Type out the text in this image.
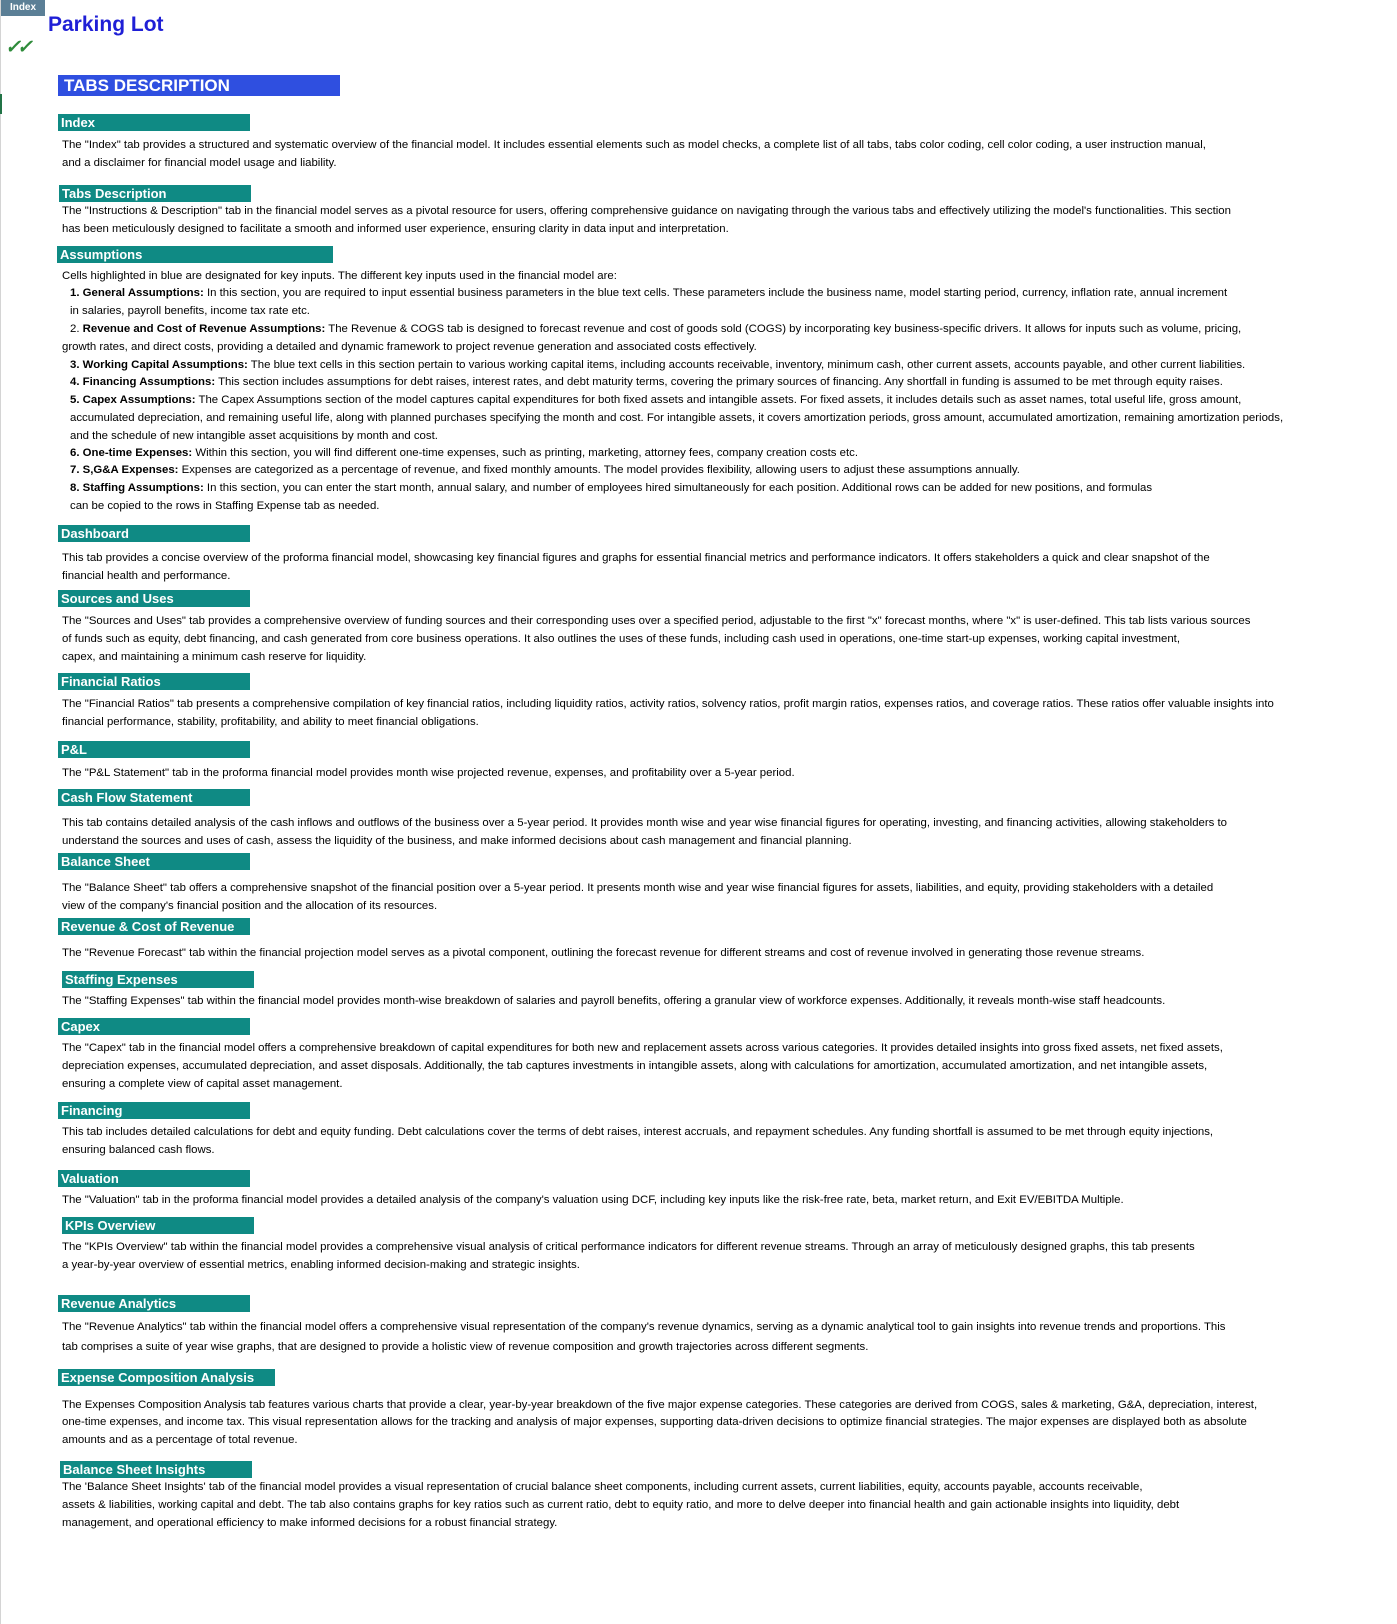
Index
✓✓
Parking Lot
TABS DESCRIPTION
Index
The "Index" tab provides a structured and systematic overview of the financial model. It includes essential elements such as model checks, a complete list of all tabs, tabs color coding, cell color coding, a user instruction manual,
and a disclaimer for financial model usage and liability.
Tabs Description
The "Instructions & Description" tab in the financial model serves as a pivotal resource for users, offering comprehensive guidance on navigating through the various tabs and effectively utilizing the model's functionalities. This section
has been meticulously designed to facilitate a smooth and informed user experience, ensuring clarity in data input and interpretation.
Assumptions
Cells highlighted in blue are designated for key inputs. The different key inputs used in the financial model are:
1. General Assumptions: In this section, you are required to input essential business parameters in the blue text cells. These parameters include the business name, model starting period, currency, inflation rate, annual increment
in salaries, payroll benefits, income tax rate etc.
2. Revenue and Cost of Revenue Assumptions: The Revenue & COGS tab is designed to forecast revenue and cost of goods sold (COGS) by incorporating key business-specific drivers. It allows for inputs such as volume, pricing,
growth rates, and direct costs, providing a detailed and dynamic framework to project revenue generation and associated costs effectively.
3. Working Capital Assumptions: The blue text cells in this section pertain to various working capital items, including accounts receivable, inventory, minimum cash, other current assets, accounts payable, and other current liabilities.
4. Financing Assumptions: This section includes assumptions for debt raises, interest rates, and debt maturity terms, covering the primary sources of financing. Any shortfall in funding is assumed to be met through equity raises.
5. Capex Assumptions: The Capex Assumptions section of the model captures capital expenditures for both fixed assets and intangible assets. For fixed assets, it includes details such as asset names, total useful life, gross amount,
accumulated depreciation, and remaining useful life, along with planned purchases specifying the month and cost. For intangible assets, it covers amortization periods, gross amount, accumulated amortization, remaining amortization periods,
and the schedule of new intangible asset acquisitions by month and cost.
6. One-time Expenses: Within this section, you will find different one-time expenses, such as printing, marketing, attorney fees, company creation costs etc.
7. S,G&A Expenses: Expenses are categorized as a percentage of revenue, and fixed monthly amounts. The model provides flexibility, allowing users to adjust these assumptions annually.
8. Staffing Assumptions: In this section, you can enter the start month, annual salary, and number of employees hired simultaneously for each position. Additional rows can be added for new positions, and formulas
can be copied to the rows in Staffing Expense tab as needed.
Dashboard
This tab provides a concise overview of the proforma financial model, showcasing key financial figures and graphs for essential financial metrics and performance indicators. It offers stakeholders a quick and clear snapshot of the
financial health and performance.
Sources and Uses
The "Sources and Uses" tab provides a comprehensive overview of funding sources and their corresponding uses over a specified period, adjustable to the first "x" forecast months, where "x" is user-defined. This tab lists various sources
of funds such as equity, debt financing, and cash generated from core business operations. It also outlines the uses of these funds, including cash used in operations, one-time start-up expenses, working capital investment,
capex, and maintaining a minimum cash reserve for liquidity.
Financial Ratios
The "Financial Ratios" tab presents a comprehensive compilation of key financial ratios, including liquidity ratios, activity ratios, solvency ratios, profit margin ratios, expenses ratios, and coverage ratios. These ratios offer valuable insights into
financial performance, stability, profitability, and ability to meet financial obligations.
P&L
The "P&L Statement" tab in the proforma financial model provides month wise projected revenue, expenses, and profitability over a 5-year period.
Cash Flow Statement
This tab contains detailed analysis of the cash inflows and outflows of the business over a 5-year period. It provides month wise and year wise financial figures for operating, investing, and financing activities, allowing stakeholders to
understand the sources and uses of cash, assess the liquidity of the business, and make informed decisions about cash management and financial planning.
Balance Sheet
The "Balance Sheet" tab offers a comprehensive snapshot of the financial position over a 5-year period. It presents month wise and year wise financial figures for assets, liabilities, and equity, providing stakeholders with a detailed
view of the company's financial position and the allocation of its resources.
Revenue & Cost of Revenue
The "Revenue Forecast" tab within the financial projection model serves as a pivotal component, outlining the forecast revenue for different streams and cost of revenue involved in generating those revenue streams.
Staffing Expenses
The "Staffing Expenses" tab within the financial model provides month-wise breakdown of salaries and payroll benefits, offering a granular view of workforce expenses. Additionally, it reveals month-wise staff headcounts.
Capex
The "Capex" tab in the financial model offers a comprehensive breakdown of capital expenditures for both new and replacement assets across various categories. It provides detailed insights into gross fixed assets, net fixed assets,
depreciation expenses, accumulated depreciation, and asset disposals. Additionally, the tab captures investments in intangible assets, along with calculations for amortization, accumulated amortization, and net intangible assets,
ensuring a complete view of capital asset management.
Financing
This tab includes detailed calculations for debt and equity funding. Debt calculations cover the terms of debt raises, interest accruals, and repayment schedules. Any funding shortfall is assumed to be met through equity injections,
ensuring balanced cash flows.
Valuation
The "Valuation" tab in the proforma financial model provides a detailed analysis of the company's valuation using DCF, including key inputs like the risk-free rate, beta, market return, and Exit EV/EBITDA Multiple.
KPIs Overview
The "KPIs Overview" tab within the financial model provides a comprehensive visual analysis of critical performance indicators for different revenue streams. Through an array of meticulously designed graphs, this tab presents
a year-by-year overview of essential metrics, enabling informed decision-making and strategic insights.
Revenue Analytics
The "Revenue Analytics" tab within the financial model offers a comprehensive visual representation of the company's revenue dynamics, serving as a dynamic analytical tool to gain insights into revenue trends and proportions. This
tab comprises a suite of year wise graphs, that are designed to provide a holistic view of revenue composition and growth trajectories across different segments.
Expense Composition Analysis
The Expenses Composition Analysis tab features various charts that provide a clear, year-by-year breakdown of the five major expense categories. These categories are derived from COGS, sales & marketing, G&A, depreciation, interest,
one-time expenses, and income tax. This visual representation allows for the tracking and analysis of major expenses, supporting data-driven decisions to optimize financial strategies. The major expenses are displayed both as absolute
amounts and as a percentage of total revenue.
Balance Sheet Insights
The 'Balance Sheet Insights' tab of the financial model provides a visual representation of crucial balance sheet components, including current assets, current liabilities, equity, accounts payable, accounts receivable,
assets & liabilities, working capital and debt. The tab also contains graphs for key ratios such as current ratio, debt to equity ratio, and more to delve deeper into financial health and gain actionable insights into liquidity, debt
management, and operational efficiency to make informed decisions for a robust financial strategy.
